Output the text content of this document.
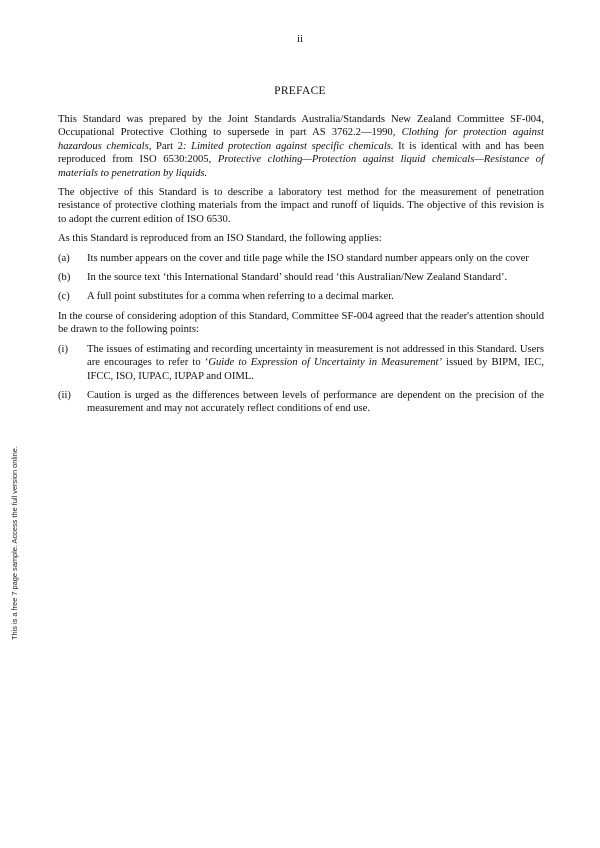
ii
PREFACE

This Standard was prepared by the Joint Standards Australia/Standards New Zealand Committee SF-004, Occupational Protective Clothing to supersede in part AS 3762.2—1990, Clothing for protection against hazardous chemicals, Part 2: Limited protection against specific chemicals. It is identical with and has been reproduced from ISO 6530:2005, Protective clothing—Protection against liquid chemicals—Resistance of materials to penetration by liquids.

The objective of this Standard is to describe a laboratory test method for the measurement of penetration resistance of protective clothing materials from the impact and runoff of liquids. The objective of this revision is to adopt the current edition of ISO 6530.

As this Standard is reproduced from an ISO Standard, the following applies:

(a)	Its number appears on the cover and title page while the ISO standard number appears only on the cover
(b)	In the source text ‘this International Standard’ should read ‘this Australian/New Zealand Standard’.
(c)	A full point substitutes for a comma when referring to a decimal marker.

In the course of considering adoption of this Standard, Committee SF-004 agreed that the reader's attention should be drawn to the following points:

(i)	The issues of estimating and recording uncertainty in measurement is not addressed in this Standard. Users are encourages to refer to ‘Guide to Expression of Uncertainty in Measurement’ issued by BIPM, IEC, IFCC, ISO, IUPAC, IUPAP and OIML.
(ii)	Caution is urged as the differences between levels of performance are dependent on the precision of the measurement and may not accurately reflect conditions of end use.
This is a free 7 page sample. Access the full version online.
